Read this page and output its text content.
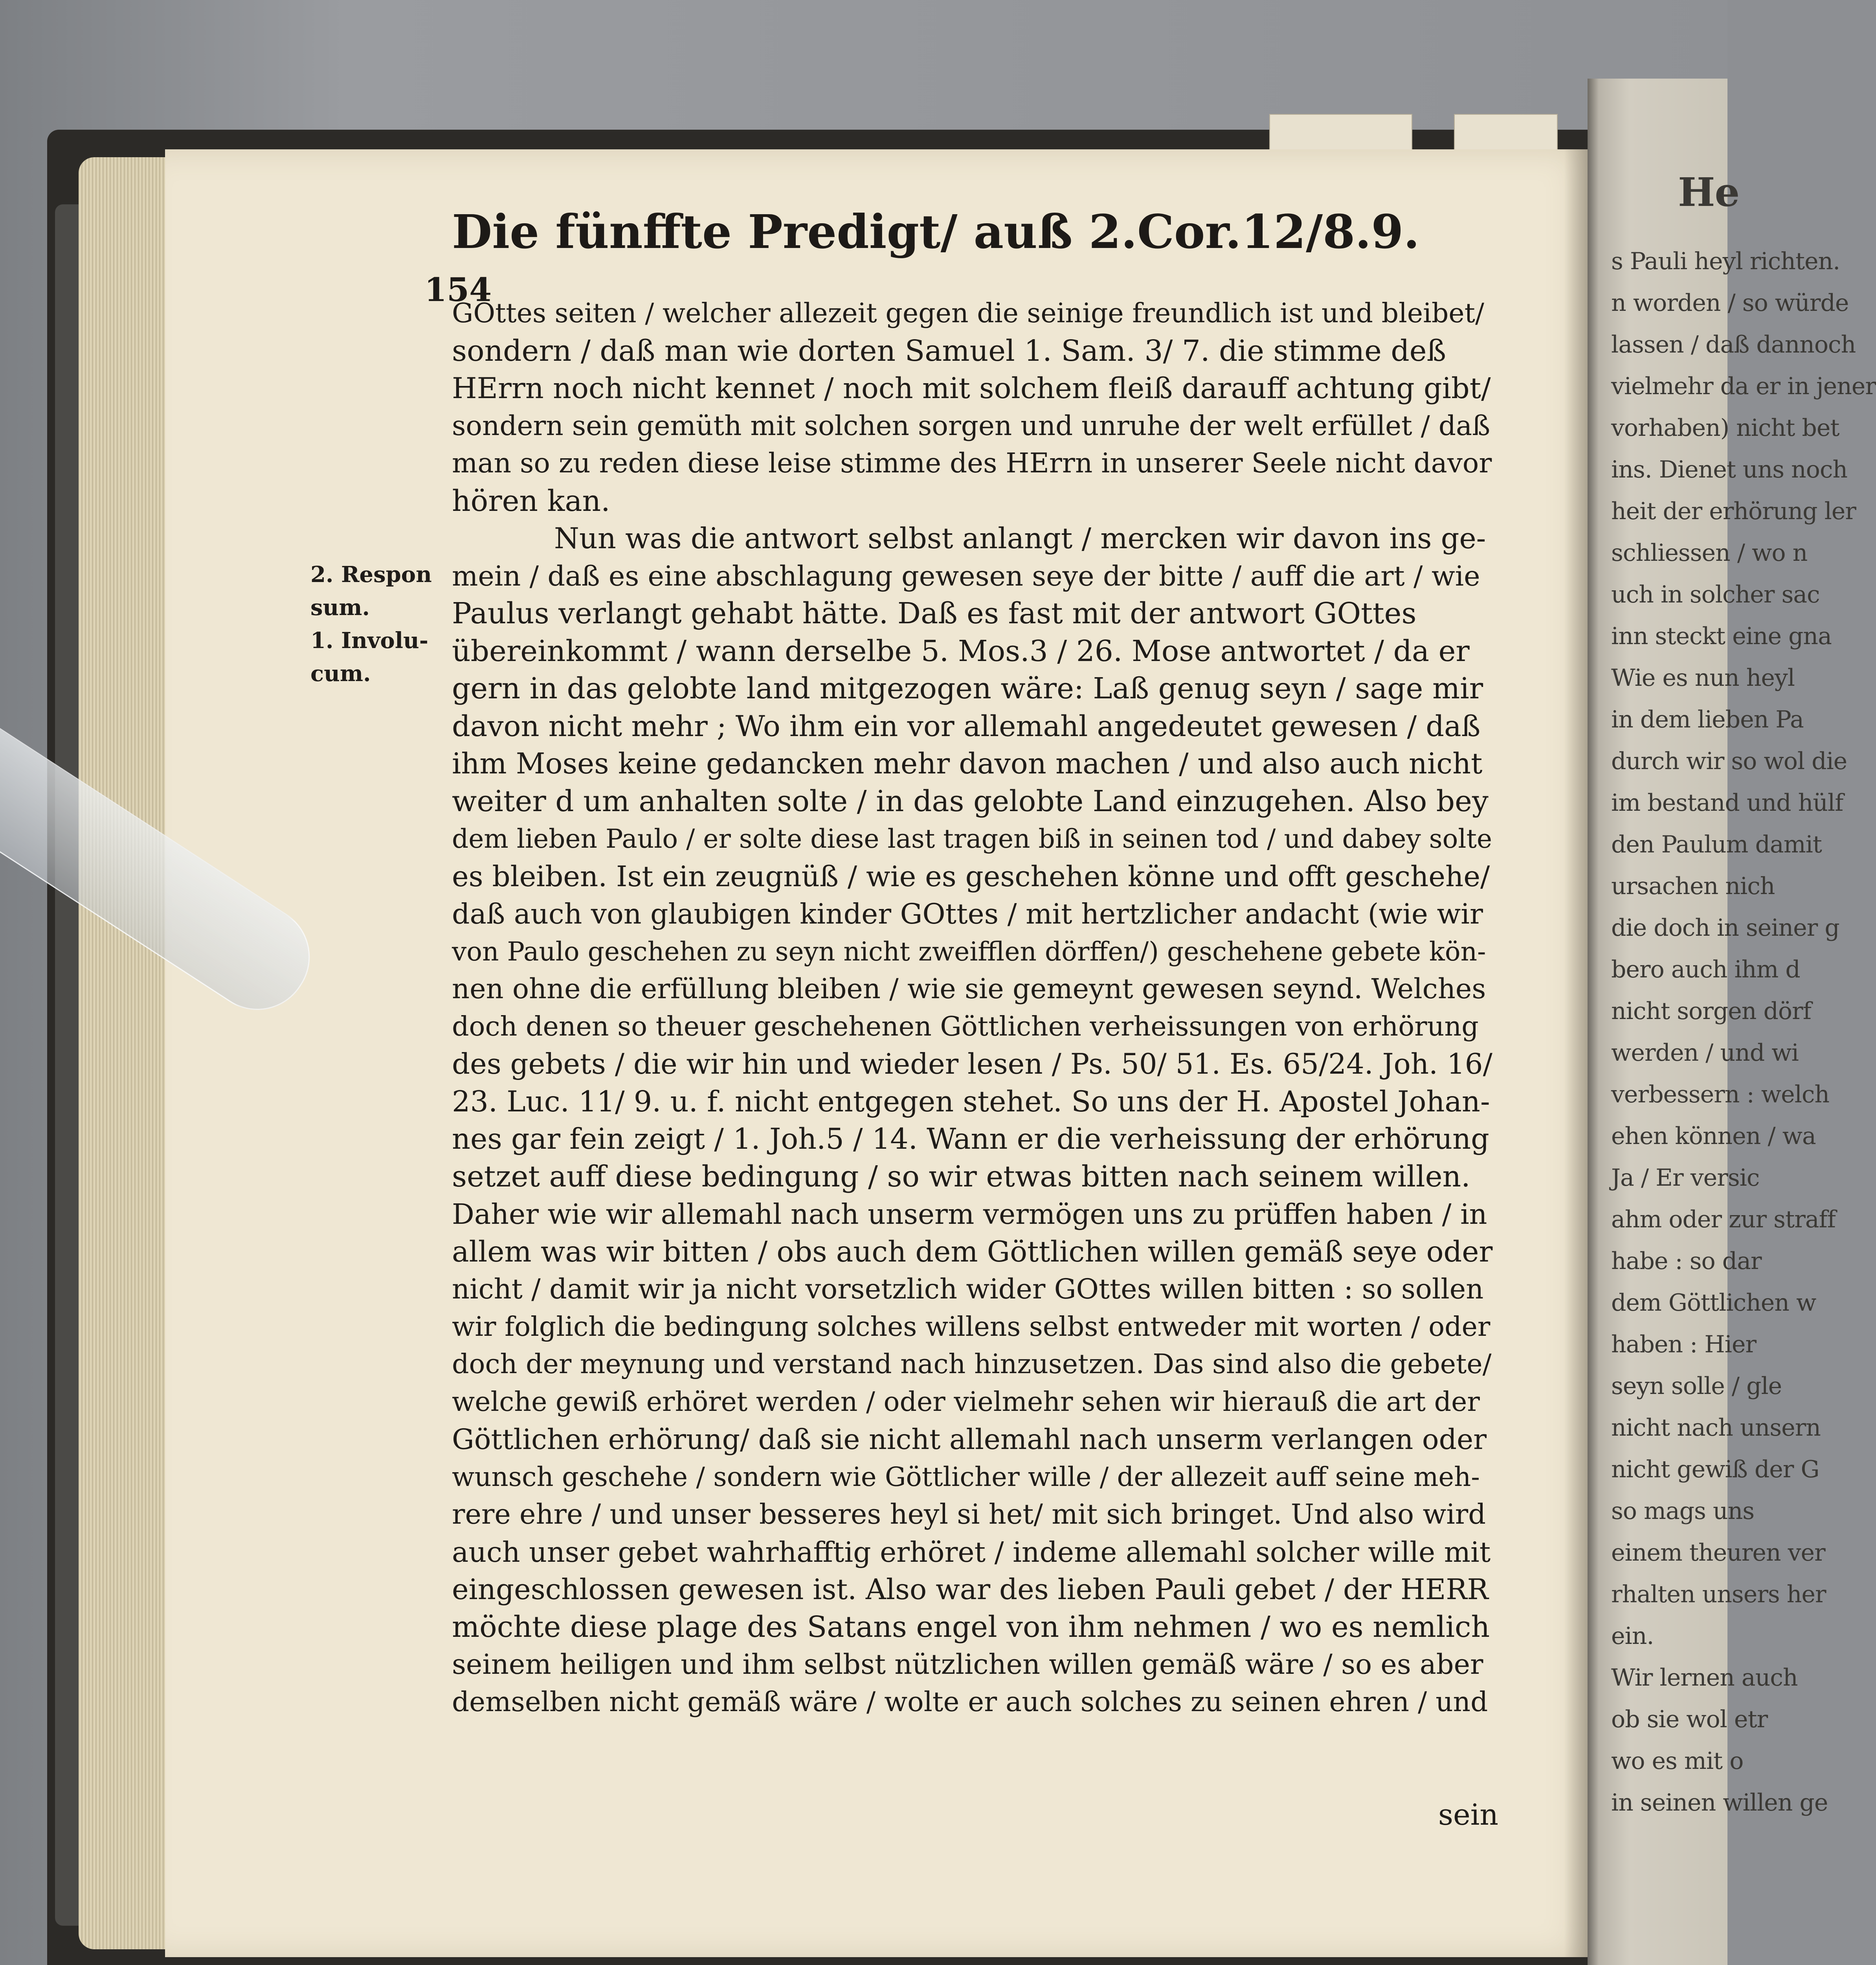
He
s Pauli heyl richten.
n worden / so würde
lassen / daß dannoch
vielmehr da er in jener
vorhaben) nicht bet
ins. Dienet uns noch
heit der erhörung ler
schliessen / wo n
uch in solcher sac
inn steckt eine gna
Wie es nun heyl
in dem lieben Pa
durch wir so wol die
im bestand und hülf
den Paulum damit
ursachen nich
die doch in seiner g
bero auch ihm d
nicht sorgen dörf
werden / und wi
verbessern : welch
ehen können / wa
Ja / Er versic
ahm oder zur straff
habe : so dar
dem Göttlichen w
haben : Hier
seyn solle / gle
nicht nach unsern
nicht gewiß der G
so mags uns
einem theuren ver
rhalten unsers her
ein.
Wir lernen auch
ob sie wol etr
wo es mit o
in seinen willen ge
Die fünffte Predigt/ auß 2.Cor.12/8.9.
154
2. Respon
sum.
1. Involu-
cum.
GOttes seiten / welcher allezeit gegen die seinige freundlich ist und bleibet/
sondern / daß man wie dorten Samuel 1. Sam. 3/ 7. die stimme deß
HErrn noch nicht kennet / noch mit solchem fleiß darauff achtung gibt/
sondern sein gemüth mit solchen sorgen und unruhe der welt erfüllet / daß
man so zu reden diese leise stimme des HErrn in unserer Seele nicht davor
hören kan.
Nun was die antwort selbst anlangt / mercken wir davon ins ge-
mein / daß es eine abschlagung gewesen seye der bitte / auff die art / wie
Paulus verlangt gehabt hätte. Daß es fast mit der antwort GOttes
übereinkommt / wann derselbe 5. Mos.3 / 26. Mose antwortet / da er
gern in das gelobte land mitgezogen wäre: Laß genug seyn / sage mir
davon nicht mehr ; Wo ihm ein vor allemahl angedeutet gewesen / daß
ihm Moses keine gedancken mehr davon machen / und also auch nicht
weiter d um anhalten solte / in das gelobte Land einzugehen. Also bey
dem lieben Paulo / er solte diese last tragen biß in seinen tod / und dabey solte
es bleiben. Ist ein zeugnüß / wie es geschehen könne und offt geschehe/
daß auch von glaubigen kinder GOttes / mit hertzlicher andacht (wie wir
von Paulo geschehen zu seyn nicht zweifflen dörffen/) geschehene gebete kön-
nen ohne die erfüllung bleiben / wie sie gemeynt gewesen seynd. Welches
doch denen so theuer geschehenen Göttlichen verheissungen von erhörung
des gebets / die wir hin und wieder lesen / Ps. 50/ 51. Es. 65/24. Joh. 16/
23. Luc. 11/ 9. u. f. nicht entgegen stehet. So uns der H. Apostel Johan-
nes gar fein zeigt / 1. Joh.5 / 14. Wann er die verheissung der erhörung
setzet auff diese bedingung / so wir etwas bitten nach seinem willen.
Daher wie wir allemahl nach unserm vermögen uns zu prüffen haben / in
allem was wir bitten / obs auch dem Göttlichen willen gemäß seye oder
nicht / damit wir ja nicht vorsetzlich wider GOttes willen bitten : so sollen
wir folglich die bedingung solches willens selbst entweder mit worten / oder
doch der meynung und verstand nach hinzusetzen. Das sind also die gebete/
welche gewiß erhöret werden / oder vielmehr sehen wir hierauß die art der
Göttlichen erhörung/ daß sie nicht allemahl nach unserm verlangen oder
wunsch geschehe / sondern wie Göttlicher wille / der allezeit auff seine meh-
rere ehre / und unser besseres heyl si het/ mit sich bringet. Und also wird
auch unser gebet wahrhafftig erhöret / indeme allemahl solcher wille mit
eingeschlossen gewesen ist. Also war des lieben Pauli gebet / der HERR
möchte diese plage des Satans engel von ihm nehmen / wo es nemlich
seinem heiligen und ihm selbst nützlichen willen gemäß wäre / so es aber
demselben nicht gemäß wäre / wolte er auch solches zu seinen ehren / und
sein
